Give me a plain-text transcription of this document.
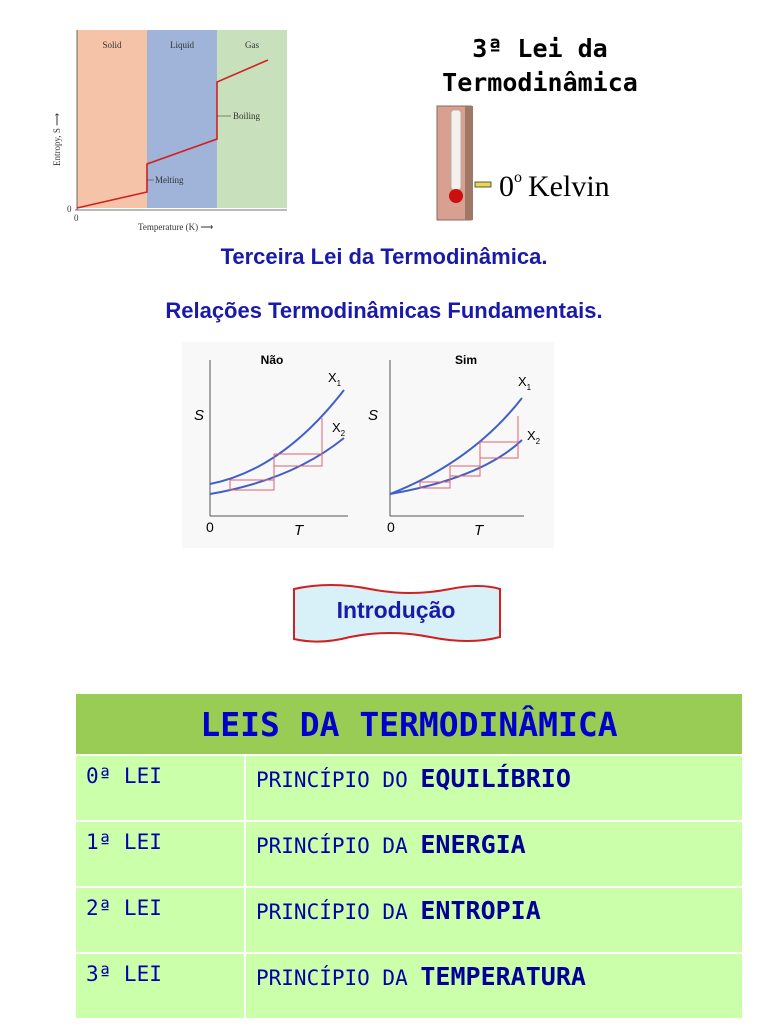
Solid	Liquid	Gas
Melting
Boiling
0
0
Entropy, S ⟶
Temperature (K) ⟶
3ª Lei da
Termodinâmica
0$^o$ Kelvin
Terceira Lei da Termodinâmica.
Relações Termodinâmicas Fundamentais.
Não
S
T
0
$X_1$
$X_2$
Sim
S
T
0
$X_1$
$X_2$
Introdução
LEIS DA TERMODINÂMICA	
0ª LEI	PRINCÍPIO DO EQUILÍBRIO
1ª LEI	PRINCÍPIO DA ENERGIA
2ª LEI	PRINCÍPIO DA ENTROPIA
3ª LEI	PRINCÍPIO DA TEMPERATURA
